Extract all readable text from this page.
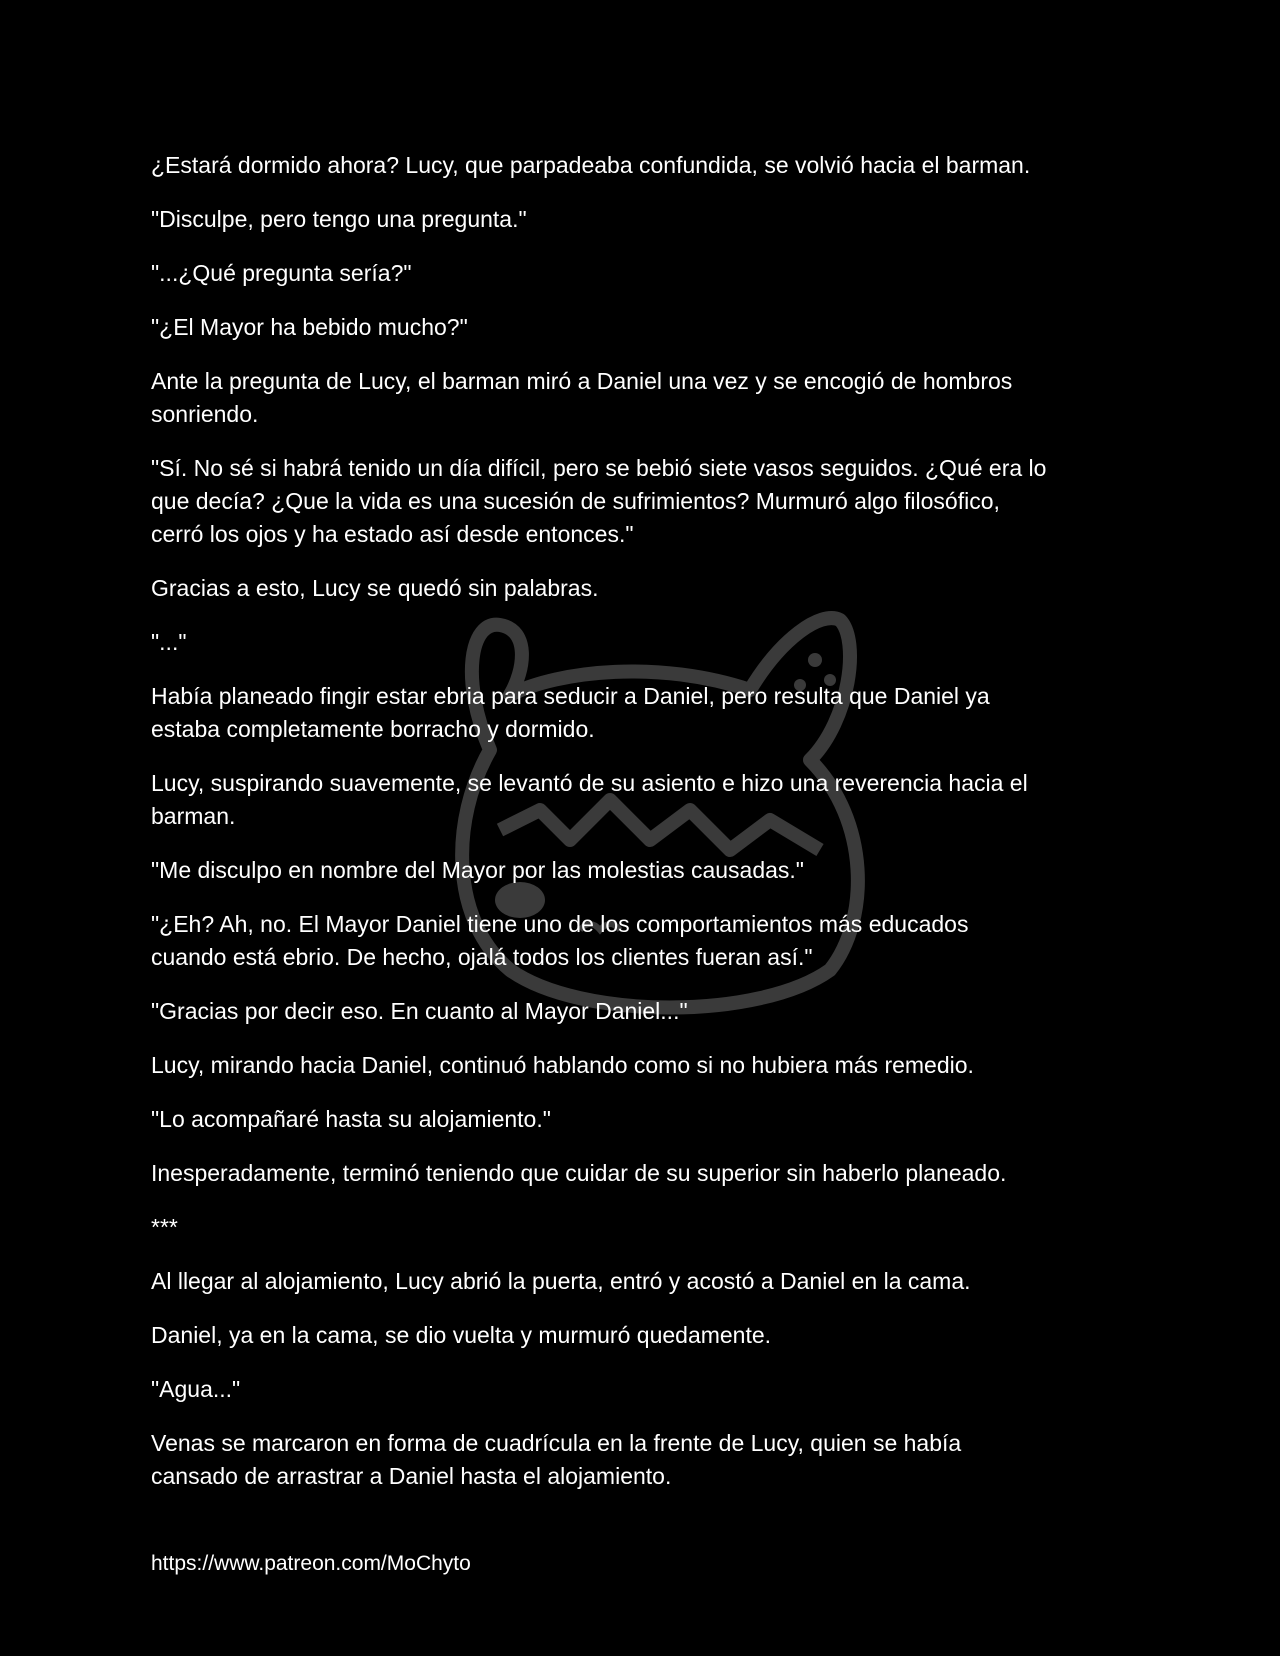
¿Estará dormido ahora? Lucy, que parpadeaba confundida, se volvió hacia el barman.

"Disculpe, pero tengo una pregunta."

"...¿Qué pregunta sería?"

"¿El Mayor ha bebido mucho?"

Ante la pregunta de Lucy, el barman miró a Daniel una vez y se encogió de hombros
sonriendo.

"Sí. No sé si habrá tenido un día difícil, pero se bebió siete vasos seguidos. ¿Qué era lo
que decía? ¿Que la vida es una sucesión de sufrimientos? Murmuró algo filosófico,
cerró los ojos y ha estado así desde entonces."

Gracias a esto, Lucy se quedó sin palabras.

"..."

Había planeado fingir estar ebria para seducir a Daniel, pero resulta que Daniel ya
estaba completamente borracho y dormido.

Lucy, suspirando suavemente, se levantó de su asiento e hizo una reverencia hacia el
barman.

"Me disculpo en nombre del Mayor por las molestias causadas."

"¿Eh? Ah, no. El Mayor Daniel tiene uno de los comportamientos más educados
cuando está ebrio. De hecho, ojalá todos los clientes fueran así."

"Gracias por decir eso. En cuanto al Mayor Daniel..."

Lucy, mirando hacia Daniel, continuó hablando como si no hubiera más remedio.

"Lo acompañaré hasta su alojamiento."

Inesperadamente, terminó teniendo que cuidar de su superior sin haberlo planeado.

***

Al llegar al alojamiento, Lucy abrió la puerta, entró y acostó a Daniel en la cama.

Daniel, ya en la cama, se dio vuelta y murmuró quedamente.

"Agua..."

Venas se marcaron en forma de cuadrícula en la frente de Lucy, quien se había
cansado de arrastrar a Daniel hasta el alojamiento.

https://www.patreon.com/MoChyto
